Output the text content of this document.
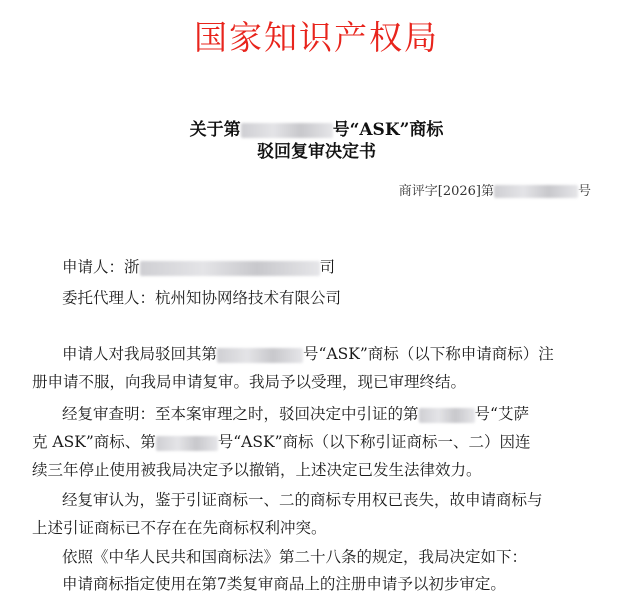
国家知识产权局
关于第	号“ASK”商标
驳回复审决定书
商评字[2026]第	号
申请人：浙	司
委托代理人：杭州知协网络技术有限公司
申请人对我局驳回其第	号“ASK”商标（以下称申请商标）注
册申请不服，向我局申请复审。我局予以受理，现已审理终结。
经复审查明：至本案审理之时，驳回决定中引证的第	号“艾萨
克 ASK”商标、第	号“ASK”商标（以下称引证商标一、二）因连
续三年停止使用被我局决定予以撤销，上述决定已发生法律效力。
经复审认为，鉴于引证商标一、二的商标专用权已丧失，故申请商标与
上述引证商标已不存在在先商标权利冲突。
依照《中华人民共和国商标法》第二十八条的规定，我局决定如下：
申请商标指定使用在第7类复审商品上的注册申请予以初步审定。
